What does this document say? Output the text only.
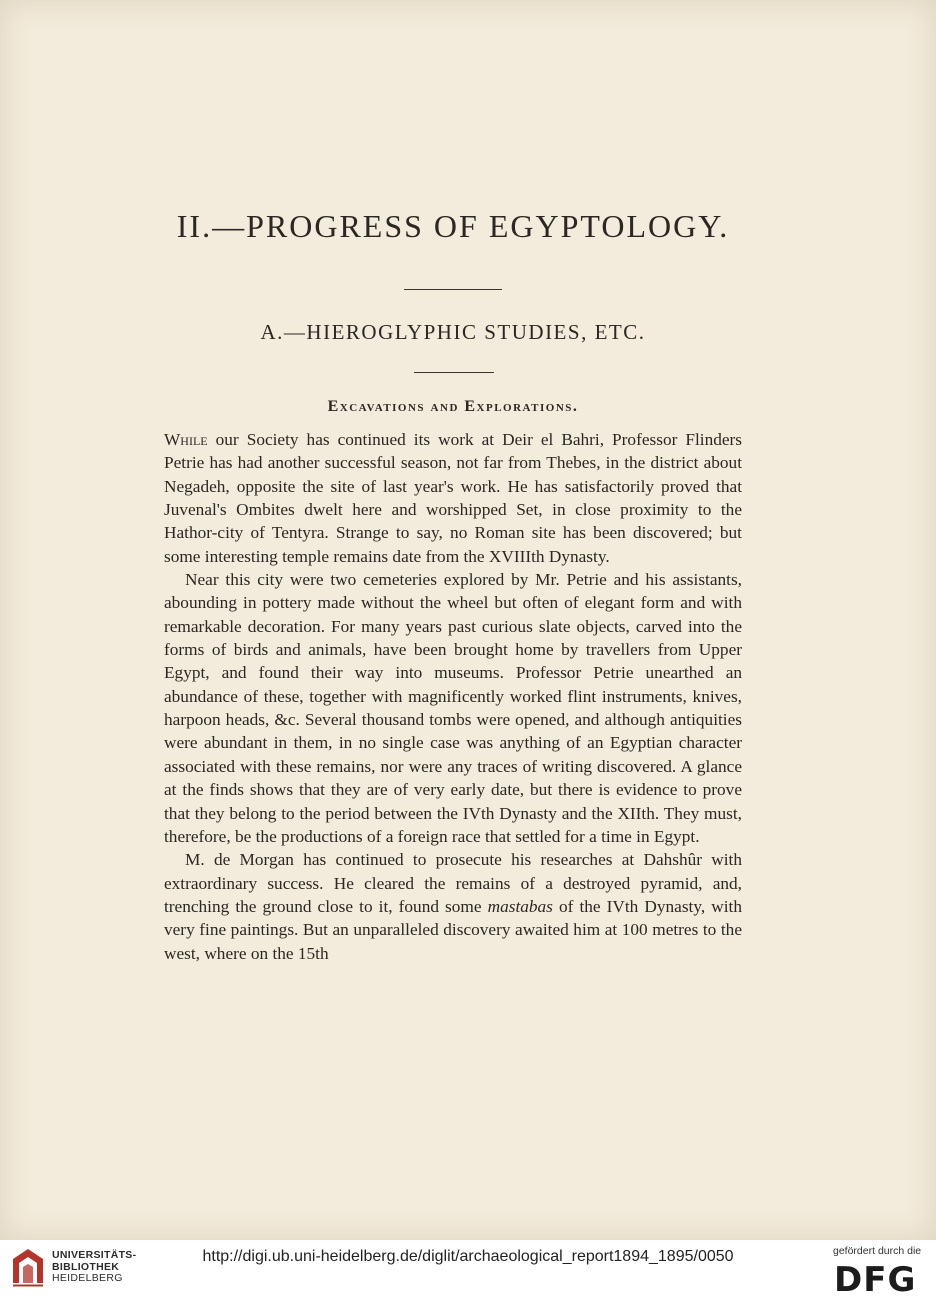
II.—PROGRESS OF EGYPTOLOGY.
A.—HIEROGLYPHIC STUDIES, ETC.
Excavations and Explorations.

While our Society has continued its work at Deir el Bahri, Professor Flinders Petrie has had another successful season, not far from Thebes, in the district about Negadeh, opposite the site of last year's work. He has satisfactorily proved that Juvenal's Ombites dwelt here and worshipped Set, in close proximity to the Hathor-city of Tentyra. Strange to say, no Roman site has been discovered; but some interesting temple remains date from the XVIIIth Dynasty.

Near this city were two cemeteries explored by Mr. Petrie and his assistants, abounding in pottery made without the wheel but often of elegant form and with remarkable decoration. For many years past curious slate objects, carved into the forms of birds and animals, have been brought home by travellers from Upper Egypt, and found their way into museums. Professor Petrie unearthed an abundance of these, together with magnificently worked flint instruments, knives, harpoon heads, &c. Several thousand tombs were opened, and although antiquities were abundant in them, in no single case was anything of an Egyptian character associated with these remains, nor were any traces of writing discovered. A glance at the finds shows that they are of very early date, but there is evidence to prove that they belong to the period between the IVth Dynasty and the XIIth. They must, therefore, be the productions of a foreign race that settled for a time in Egypt.

M. de Morgan has continued to prosecute his researches at Dahshûr with extraordinary success. He cleared the remains of a destroyed pyramid, and, trenching the ground close to it, found some mastabas of the IVth Dynasty, with very fine paintings. But an unparalleled discovery awaited him at 100 metres to the west, where on the 15th

UNIVERSITÄTS-
BIBLIOTHEK
HEIDELBERG
http://digi.ub.uni-heidelberg.de/diglit/archaeological_report1894_1895/0050	gefördert durch die
DFG
